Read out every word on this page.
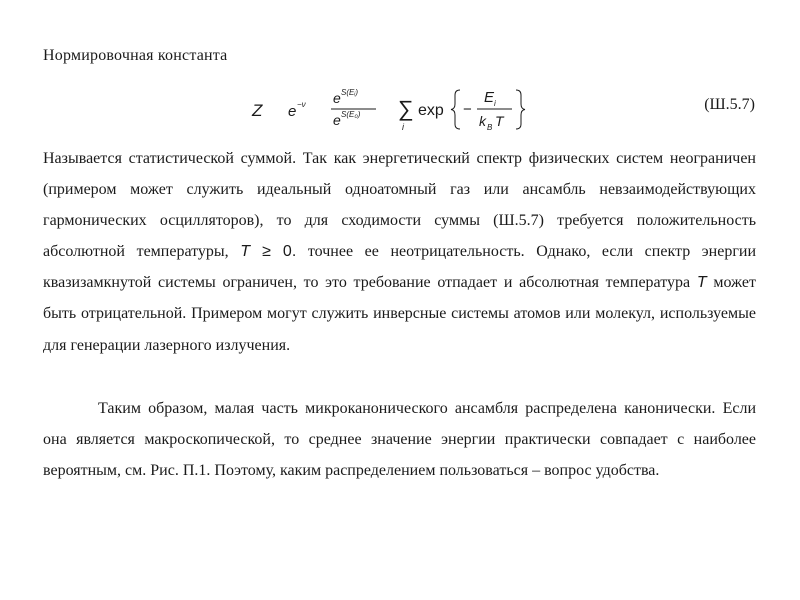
Нормировочная константа
Z e −ν e S(Eᵢ)
e S(E₀) ∑
i
exp −
E i
k B T
(Ш.5.7)

Называется статистической суммой. Так как энергетический спектр физических систем неограничен (примером может служить идеальный одноатомный газ или ансамбль невзаимодействующих гармонических осцилляторов), то для сходимости суммы (Ш.5.7) требуется положительность абсолютной температуры, T ≥ 0. точнее ее неотрицательность. Однако, если спектр энергии квазизамкнутой системы ограничен, то это требование отпадает и абсолютная температура T может быть отрицательной. Примером могут служить инверсные системы атомов или молекул, используемые для генерации лазерного излучения.

Таким образом, малая часть микроканонического ансамбля распределена канонически. Если она является макроскопической, то среднее значение энергии практически совпадает с наиболее вероятным, см. Рис. П.1. Поэтому, каким распределением пользоваться – вопрос удобства.
